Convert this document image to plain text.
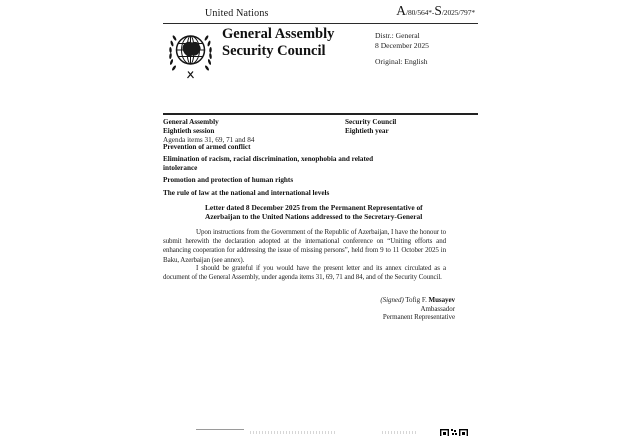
United Nations	A/80/564*-S/2025/797*
General Assembly
Security Council
Distr.: General
8 December 2025
Original: English
General Assembly
Eightieth session
Agenda items 31, 69, 71 and 84
Security Council
Eightieth year
Prevention of armed conflict
Elimination of racism, racial discrimination, xenophobia and related intolerance
Promotion and protection of human rights
The rule of law at the national and international levels
Letter dated 8 December 2025 from the Permanent Representative of Azerbaijan to the United Nations addressed to the Secretary-General
Upon instructions from the Government of the Republic of Azerbaijan, I have the honour to submit herewith the declaration adopted at the international conference on “Uniting efforts and enhancing cooperation for addressing the issue of missing persons”, held from 9 to 11 October 2025 in Baku, Azerbaijan (see annex).
I should be grateful if you would have the present letter and its annex circulated as a document of the General Assembly, under agenda items 31, 69, 71 and 84, and of the Security Council.
(Signed) Tofig F. Musayev
Ambassador
Permanent Representative
